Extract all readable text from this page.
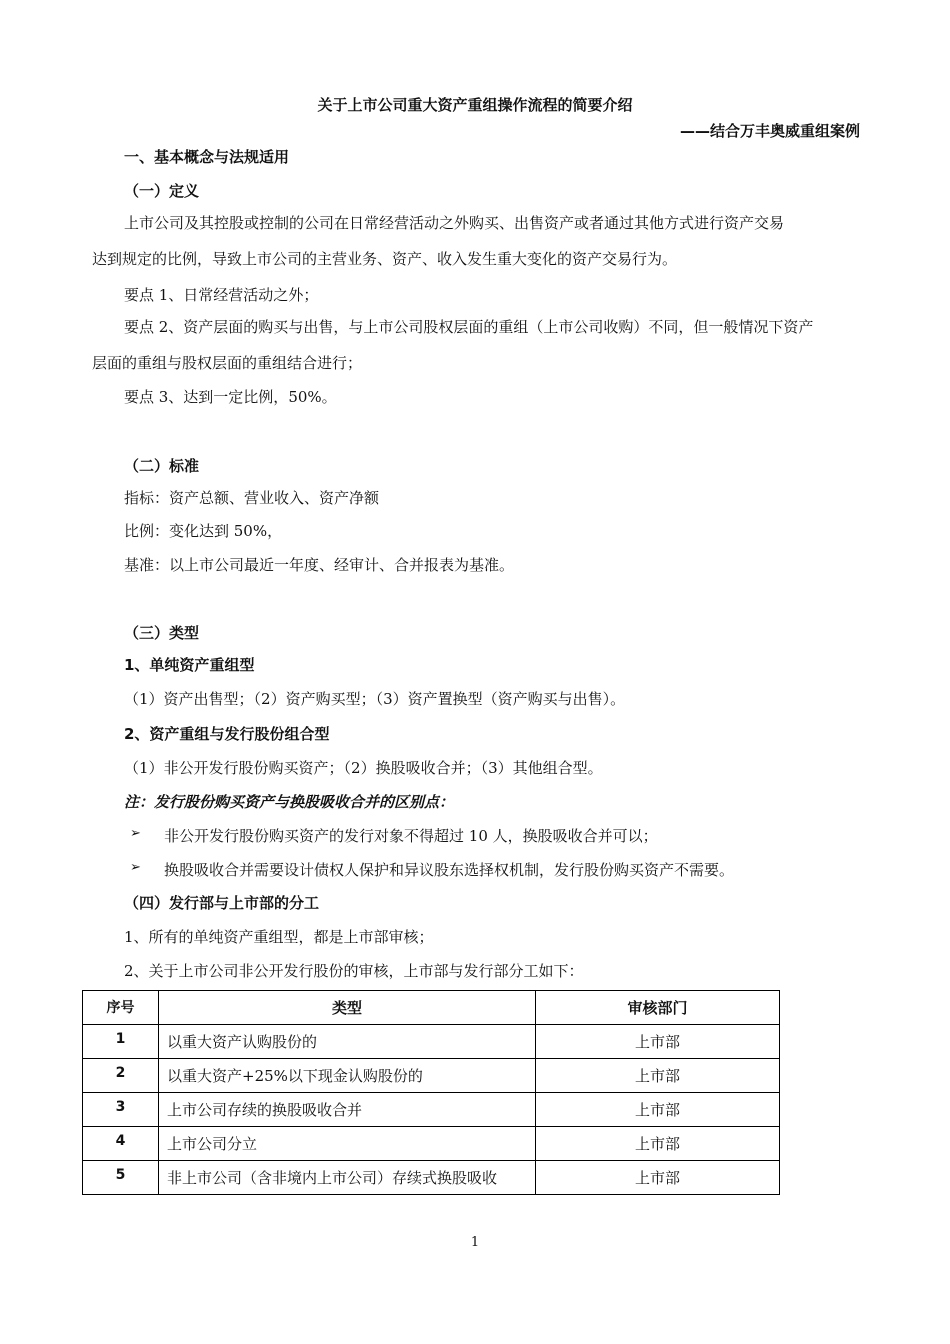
关于上市公司重大资产重组操作流程的简要介绍
——结合万丰奥威重组案例
一、基本概念与法规适用
（一）定义
上市公司及其控股或控制的公司在日常经营活动之外购买、出售资产或者通过其他方式进行资产交易
达到规定的比例，导致上市公司的主营业务、资产、收入发生重大变化的资产交易行为。
要点 1、日常经营活动之外；
要点 2、资产层面的购买与出售，与上市公司股权层面的重组（上市公司收购）不同，但一般情况下资产
层面的重组与股权层面的重组结合进行；
要点 3、达到一定比例，50%。
（二）标准
指标：资产总额、营业收入、资产净额
比例：变化达到 50%，
基准：以上市公司最近一年度、经审计、合并报表为基准。
（三）类型
1、单纯资产重组型
（1）资产出售型；（2）资产购买型；（3）资产置换型（资产购买与出售）。
2、资产重组与发行股份组合型
（1）非公开发行股份购买资产；（2）换股吸收合并；（3）其他组合型。
注：发行股份购买资产与换股吸收合并的区别点：
➢ 非公开发行股份购买资产的发行对象不得超过 10 人，换股吸收合并可以；
➢ 换股吸收合并需要设计债权人保护和异议股东选择权机制，发行股份购买资产不需要。
（四）发行部与上市部的分工
1、所有的单纯资产重组型，都是上市部审核；
2、关于上市公司非公开发行股份的审核，上市部与发行部分工如下：
序号	类型	审核部门
1	以重大资产认购股份的	上市部
2	以重大资产+25%以下现金认购股份的	上市部
3	上市公司存续的换股吸收合并	上市部
4	上市公司分立	上市部
5	非上市公司（含非境内上市公司）存续式换股吸收	上市部
1
